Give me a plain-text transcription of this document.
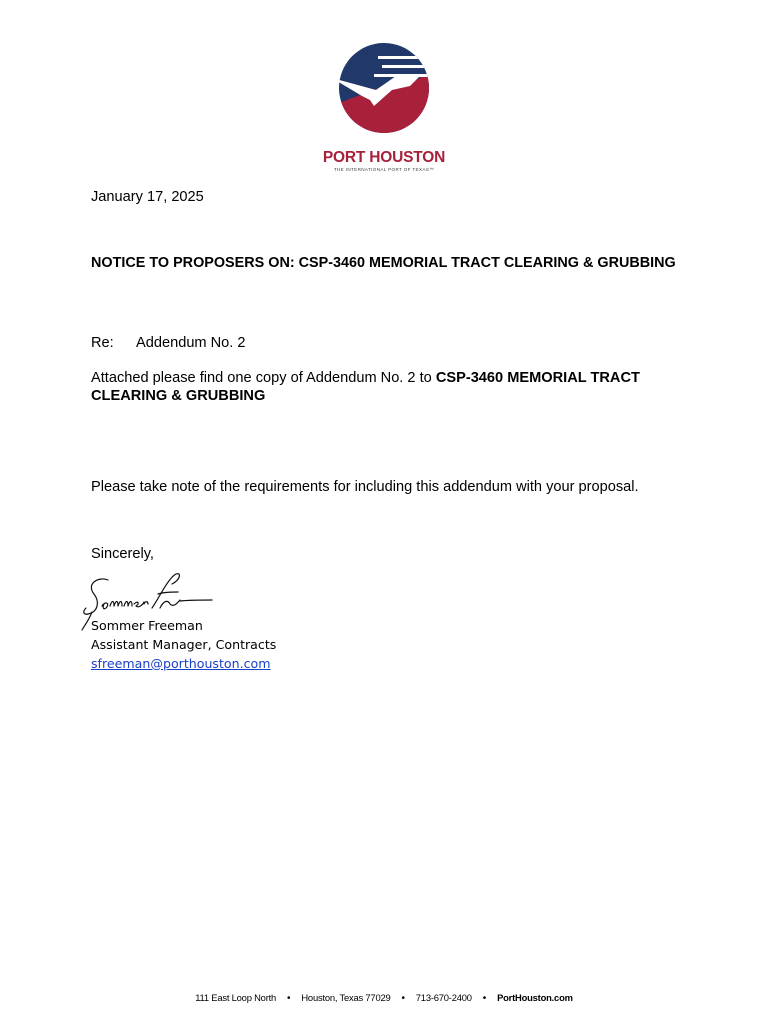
PORT HOUSTON
THE INTERNATIONAL PORT OF TEXAS™
January 17, 2025
NOTICE TO PROPOSERS ON: CSP-3460 MEMORIAL TRACT CLEARING & GRUBBING
Re: Addendum No. 2
Attached please find one copy of Addendum No. 2 to CSP-3460 MEMORIAL TRACT CLEARING & GRUBBING
Please take note of the requirements for including this addendum with your proposal.
Sincerely,
Sommer Freeman
Assistant Manager, Contracts
sfreeman@porthouston.com
111 East Loop North • Houston, Texas 77029 • 713-670-2400 • PortHouston.com
